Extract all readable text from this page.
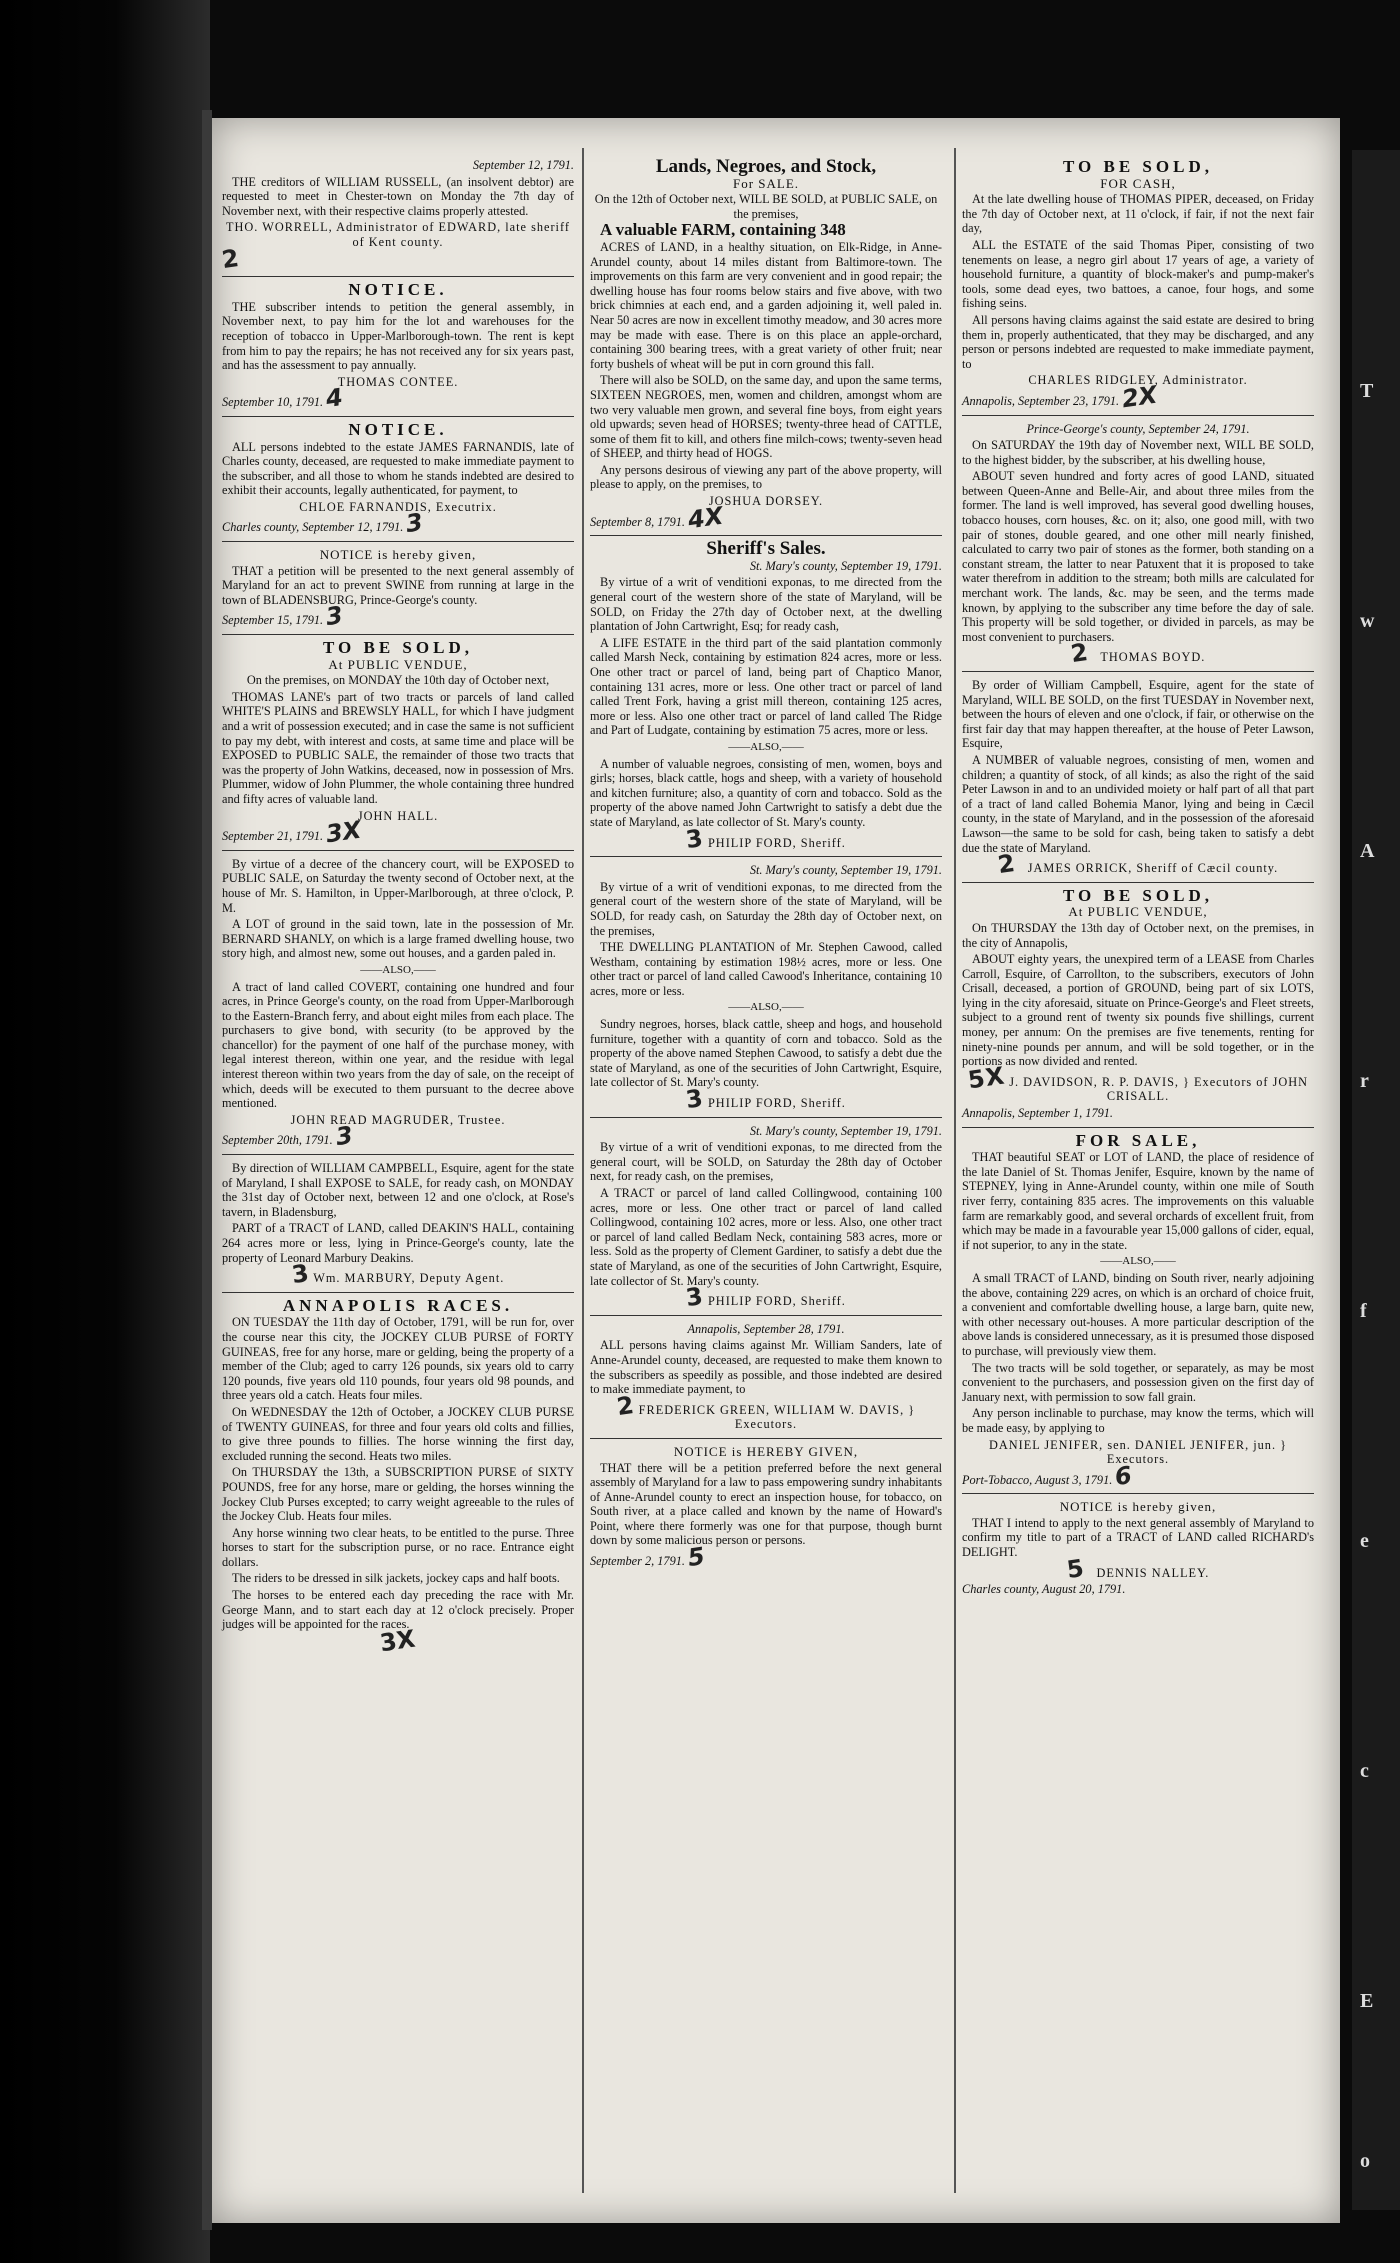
September 12, 1791.

THE creditors of WILLIAM RUSSELL, (an insolvent debtor) are requested to meet in Chester-town on Monday the 7th day of November next, with their respective claims properly attested.

THO. WORRELL, Administrator of EDWARD, late sheriff of Kent county.

2

NOTICE.

THE subscriber intends to petition the general assembly, in November next, to pay him for the lot and warehouses for the reception of tobacco in Upper-Marlborough-town. The rent is kept from him to pay the repairs; he has not received any for six years past, and has the assessment to pay annually.

THOMAS CONTEE.

September 10, 1791. 4

NOTICE.

ALL persons indebted to the estate JAMES FARNANDIS, late of Charles county, deceased, are requested to make immediate payment to the subscriber, and all those to whom he stands indebted are desired to exhibit their accounts, legally authenticated, for payment, to

CHLOE FARNANDIS, Executrix.

Charles county, September 12, 1791. 3

NOTICE is hereby given,

THAT a petition will be presented to the next general assembly of Maryland for an act to prevent SWINE from running at large in the town of BLADENSBURG, Prince-George's county.

September 15, 1791. 3

TO BE SOLD,

At PUBLIC VENDUE,

On the premises, on MONDAY the 10th day of October next,

THOMAS LANE's part of two tracts or parcels of land called WHITE'S PLAINS and BREWSLY HALL, for which I have judgment and a writ of possession executed; and in case the same is not sufficient to pay my debt, with interest and costs, at same time and place will be EXPOSED to PUBLIC SALE, the remainder of those two tracts that was the property of John Watkins, deceased, now in possession of Mrs. Plummer, widow of John Plummer, the whole containing three hundred and fifty acres of valuable land.

JOHN HALL.

September 21, 1791. 3X

By virtue of a decree of the chancery court, will be EXPOSED to PUBLIC SALE, on Saturday the twenty second of October next, at the house of Mr. S. Hamilton, in Upper-Marlborough, at three o'clock, P. M.

A LOT of ground in the said town, late in the possession of Mr. BERNARD SHANLY, on which is a large framed dwelling house, two story high, and almost new, some out houses, and a garden paled in.

——ALSO,——

A tract of land called COVERT, containing one hundred and four acres, in Prince George's county, on the road from Upper-Marlborough to the Eastern-Branch ferry, and about eight miles from each place. The purchasers to give bond, with security (to be approved by the chancellor) for the payment of one half of the purchase money, with legal interest thereon, within one year, and the residue with legal interest thereon within two years from the day of sale, on the receipt of which, deeds will be executed to them pursuant to the decree above mentioned.

JOHN READ MAGRUDER, Trustee.

September 20th, 1791. 3

By direction of WILLIAM CAMPBELL, Esquire, agent for the state of Maryland, I shall EXPOSE to SALE, for ready cash, on MONDAY the 31st day of October next, between 12 and one o'clock, at Rose's tavern, in Bladensburg,

PART of a TRACT of LAND, called DEAKIN'S HALL, containing 264 acres more or less, lying in Prince-George's county, late the property of Leonard Marbury Deakins.

3 Wm. MARBURY, Deputy Agent.

ANNAPOLIS RACES.

ON TUESDAY the 11th day of October, 1791, will be run for, over the course near this city, the JOCKEY CLUB PURSE of FORTY GUINEAS, free for any horse, mare or gelding, being the property of a member of the Club; aged to carry 126 pounds, six years old to carry 120 pounds, five years old 110 pounds, four years old 98 pounds, and three years old a catch. Heats four miles.

On WEDNESDAY the 12th of October, a JOCKEY CLUB PURSE of TWENTY GUINEAS, for three and four years old colts and fillies, to give three pounds to fillies. The horse winning the first day, excluded running the second. Heats two miles.

On THURSDAY the 13th, a SUBSCRIPTION PURSE of SIXTY POUNDS, free for any horse, mare or gelding, the horses winning the Jockey Club Purses excepted; to carry weight agreeable to the rules of the Jockey Club. Heats four miles.

Any horse winning two clear heats, to be entitled to the purse. Three horses to start for the subscription purse, or no race. Entrance eight dollars.

The riders to be dressed in silk jackets, jockey caps and half boots.

The horses to be entered each day preceding the race with Mr. George Mann, and to start each day at 12 o'clock precisely. Proper judges will be appointed for the races.

3X

Lands, Negroes, and Stock,

For SALE.

On the 12th of October next, WILL BE SOLD, at PUBLIC SALE, on the premises,

A valuable FARM, containing 348

ACRES of LAND, in a healthy situation, on Elk-Ridge, in Anne-Arundel county, about 14 miles distant from Baltimore-town. The improvements on this farm are very convenient and in good repair; the dwelling house has four rooms below stairs and five above, with two brick chimnies at each end, and a garden adjoining it, well paled in. Near 50 acres are now in excellent timothy meadow, and 30 acres more may be made with ease. There is on this place an apple-orchard, containing 300 bearing trees, with a great variety of other fruit; near forty bushels of wheat will be put in corn ground this fall.

There will also be SOLD, on the same day, and upon the same terms, SIXTEEN NEGROES, men, women and children, amongst whom are two very valuable men grown, and several fine boys, from eight years old upwards; seven head of HORSES; twenty-three head of CATTLE, some of them fit to kill, and others fine milch-cows; twenty-seven head of SHEEP, and thirty head of HOGS.

Any persons desirous of viewing any part of the above property, will please to apply, on the premises, to

JOSHUA DORSEY.

September 8, 1791. 4X

Sheriff's Sales.

St. Mary's county, September 19, 1791.

By virtue of a writ of venditioni exponas, to me directed from the general court of the western shore of the state of Maryland, will be SOLD, on Friday the 27th day of October next, at the dwelling plantation of John Cartwright, Esq; for ready cash,

A LIFE ESTATE in the third part of the said plantation commonly called Marsh Neck, containing by estimation 824 acres, more or less. One other tract or parcel of land, being part of Chaptico Manor, containing 131 acres, more or less. One other tract or parcel of land called Trent Fork, having a grist mill thereon, containing 125 acres, more or less. Also one other tract or parcel of land called The Ridge and Part of Ludgate, containing by estimation 75 acres, more or less.

——ALSO,——

A number of valuable negroes, consisting of men, women, boys and girls; horses, black cattle, hogs and sheep, with a variety of household and kitchen furniture; also, a quantity of corn and tobacco. Sold as the property of the above named John Cartwright to satisfy a debt due the state of Maryland, as late collector of St. Mary's county.

3 PHILIP FORD, Sheriff.

St. Mary's county, September 19, 1791.

By virtue of a writ of venditioni exponas, to me directed from the general court of the western shore of the state of Maryland, will be SOLD, for ready cash, on Saturday the 28th day of October next, on the premises,

THE DWELLING PLANTATION of Mr. Stephen Cawood, called Westham, containing by estimation 198½ acres, more or less. One other tract or parcel of land called Cawood's Inheritance, containing 10 acres, more or less.

——ALSO,——

Sundry negroes, horses, black cattle, sheep and hogs, and household furniture, together with a quantity of corn and tobacco. Sold as the property of the above named Stephen Cawood, to satisfy a debt due the state of Maryland, as one of the securities of John Cartwright, Esquire, late collector of St. Mary's county.

3 PHILIP FORD, Sheriff.

St. Mary's county, September 19, 1791.

By virtue of a writ of venditioni exponas, to me directed from the general court, will be SOLD, on Saturday the 28th day of October next, for ready cash, on the premises,

A TRACT or parcel of land called Collingwood, containing 100 acres, more or less. One other tract or parcel of land called Collingwood, containing 102 acres, more or less. Also, one other tract or parcel of land called Bedlam Neck, containing 583 acres, more or less. Sold as the property of Clement Gardiner, to satisfy a debt due the state of Maryland, as one of the securities of John Cartwright, Esquire, late collector of St. Mary's county.

3 PHILIP FORD, Sheriff.

Annapolis, September 28, 1791.

ALL persons having claims against Mr. William Sanders, late of Anne-Arundel county, deceased, are requested to make them known to the subscribers as speedily as possible, and those indebted are desired to make immediate payment, to

2 FREDERICK GREEN, WILLIAM W. DAVIS, } Executors.

NOTICE is HEREBY GIVEN,

THAT there will be a petition preferred before the next general assembly of Maryland for a law to pass empowering sundry inhabitants of Anne-Arundel county to erect an inspection house, for tobacco, on South river, at a place called and known by the name of Howard's Point, where there formerly was one for that purpose, though burnt down by some malicious person or persons.

September 2, 1791. 5

TO BE SOLD,

FOR CASH,

At the late dwelling house of THOMAS PIPER, deceased, on Friday the 7th day of October next, at 11 o'clock, if fair, if not the next fair day,

ALL the ESTATE of the said Thomas Piper, consisting of two tenements on lease, a negro girl about 17 years of age, a variety of household furniture, a quantity of block-maker's and pump-maker's tools, some dead eyes, two battoes, a canoe, four hogs, and some fishing seins.

All persons having claims against the said estate are desired to bring them in, properly authenticated, that they may be discharged, and any person or persons indebted are requested to make immediate payment, to

CHARLES RIDGLEY, Administrator.

Annapolis, September 23, 1791. 2X

Prince-George's county, September 24, 1791.

On SATURDAY the 19th day of November next, WILL BE SOLD, to the highest bidder, by the subscriber, at his dwelling house,

ABOUT seven hundred and forty acres of good LAND, situated between Queen-Anne and Belle-Air, and about three miles from the former. The land is well improved, has several good dwelling houses, tobacco houses, corn houses, &c. on it; also, one good mill, with two pair of stones, double geared, and one other mill nearly finished, calculated to carry two pair of stones as the former, both standing on a constant stream, the latter to near Patuxent that it is proposed to take water therefrom in addition to the stream; both mills are calculated for merchant work. The lands, &c. may be seen, and the terms made known, by applying to the subscriber any time before the day of sale. This property will be sold together, or divided in parcels, as may be most convenient to purchasers.

2 THOMAS BOYD.

By order of William Campbell, Esquire, agent for the state of Maryland, WILL BE SOLD, on the first TUESDAY in November next, between the hours of eleven and one o'clock, if fair, or otherwise on the first fair day that may happen thereafter, at the house of Peter Lawson, Esquire,

A NUMBER of valuable negroes, consisting of men, women and children; a quantity of stock, of all kinds; as also the right of the said Peter Lawson in and to an undivided moiety or half part of all that part of a tract of land called Bohemia Manor, lying and being in Cæcil county, in the state of Maryland, and in the possession of the aforesaid Lawson—the same to be sold for cash, being taken to satisfy a debt due the state of Maryland.

2 JAMES ORRICK, Sheriff of Cæcil county.

TO BE SOLD,

At PUBLIC VENDUE,

On THURSDAY the 13th day of October next, on the premises, in the city of Annapolis,

ABOUT eighty years, the unexpired term of a LEASE from Charles Carroll, Esquire, of Carrollton, to the subscribers, executors of John Crisall, deceased, a portion of GROUND, being part of six LOTS, lying in the city aforesaid, situate on Prince-George's and Fleet streets, subject to a ground rent of twenty six pounds five shillings, current money, per annum: On the premises are five tenements, renting for ninety-nine pounds per annum, and will be sold together, or in the portions as now divided and rented.

5X J. DAVIDSON, R. P. DAVIS, } Executors of JOHN CRISALL.

Annapolis, September 1, 1791.

FOR SALE,

THAT beautiful SEAT or LOT of LAND, the place of residence of the late Daniel of St. Thomas Jenifer, Esquire, known by the name of STEPNEY, lying in Anne-Arundel county, within one mile of South river ferry, containing 835 acres. The improvements on this valuable farm are remarkably good, and several orchards of excellent fruit, from which may be made in a favourable year 15,000 gallons of cider, equal, if not superior, to any in the state.

——ALSO,——

A small TRACT of LAND, binding on South river, nearly adjoining the above, containing 229 acres, on which is an orchard of choice fruit, a convenient and comfortable dwelling house, a large barn, quite new, with other necessary out-houses. A more particular description of the above lands is considered unnecessary, as it is presumed those disposed to purchase, will previously view them.

The two tracts will be sold together, or separately, as may be most convenient to the purchasers, and possession given on the first day of January next, with permission to sow fall grain.

Any person inclinable to purchase, may know the terms, which will be made easy, by applying to

DANIEL JENIFER, sen. DANIEL JENIFER, jun. } Executors.

Port-Tobacco, August 3, 1791. 6

NOTICE is hereby given,

THAT I intend to apply to the next general assembly of Maryland to confirm my title to part of a TRACT of LAND called RICHARD's DELIGHT.

5 DENNIS NALLEY.

Charles county, August 20, 1791.

T
w
A
r
f
e
c
E
o
